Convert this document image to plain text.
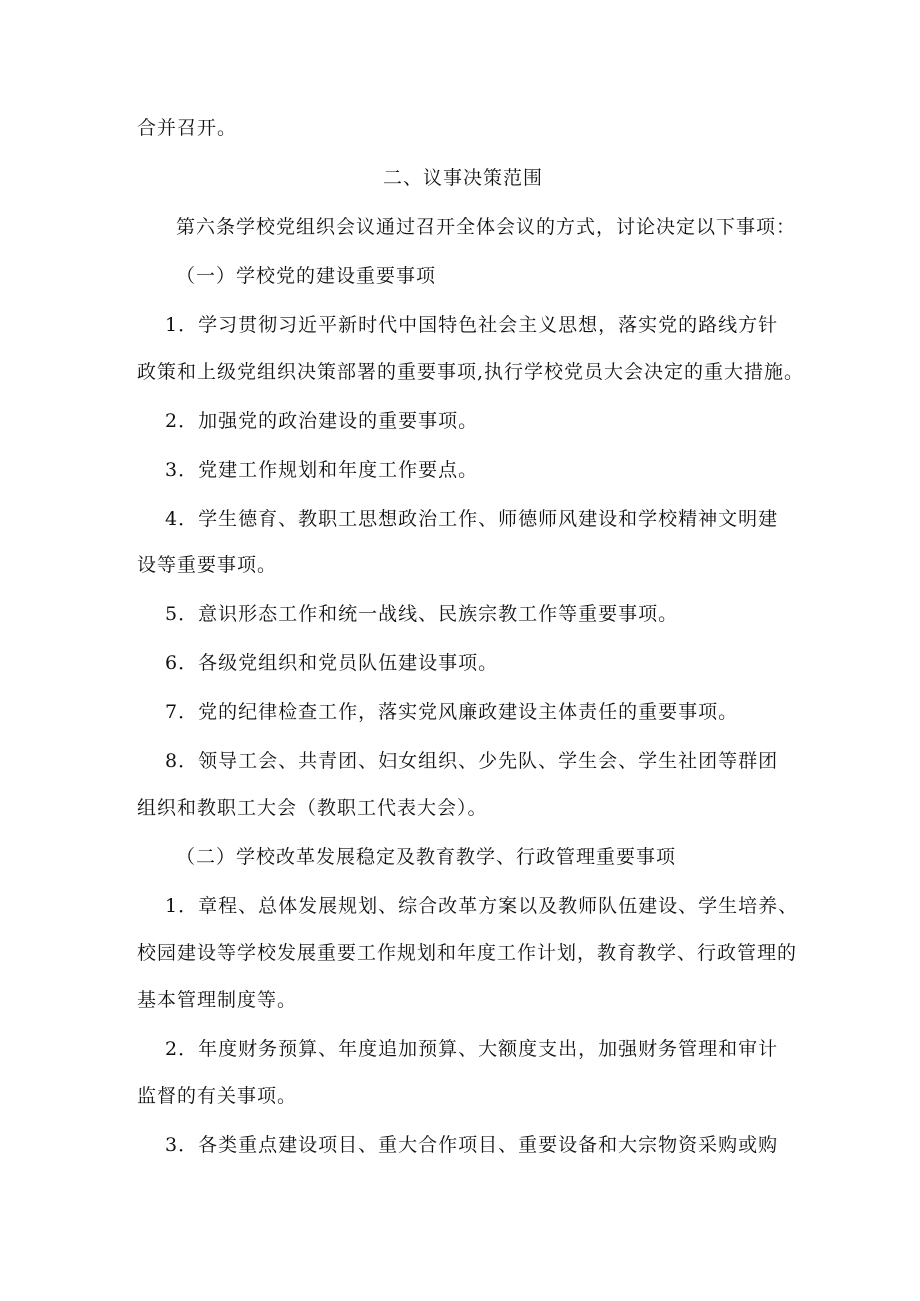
合并召开。
二、议事决策范围
第六条学校党组织会议通过召开全体会议的方式，讨论决定以下事项：
（一）学校党的建设重要事项
1．学习贯彻习近平新时代中国特色社会主义思想，落实党的路线方针
政策和上级党组织决策部署的重要事项,执行学校党员大会决定的重大措施。
2．加强党的政治建设的重要事项。
3．党建工作规划和年度工作要点。
4．学生德育、教职工思想政治工作、师德师风建设和学校精神文明建
设等重要事项。
5．意识形态工作和统一战线、民族宗教工作等重要事项。
6．各级党组织和党员队伍建设事项。
7．党的纪律检查工作，落实党风廉政建设主体责任的重要事项。
8．领导工会、共青团、妇女组织、少先队、学生会、学生社团等群团
组织和教职工大会（教职工代表大会）。
（二）学校改革发展稳定及教育教学、行政管理重要事项
1．章程、总体发展规划、综合改革方案以及教师队伍建设、学生培养、
校园建设等学校发展重要工作规划和年度工作计划，教育教学、行政管理的
基本管理制度等。
2．年度财务预算、年度追加预算、大额度支出，加强财务管理和审计
监督的有关事项。
3．各类重点建设项目、重大合作项目、重要设备和大宗物资采购或购
